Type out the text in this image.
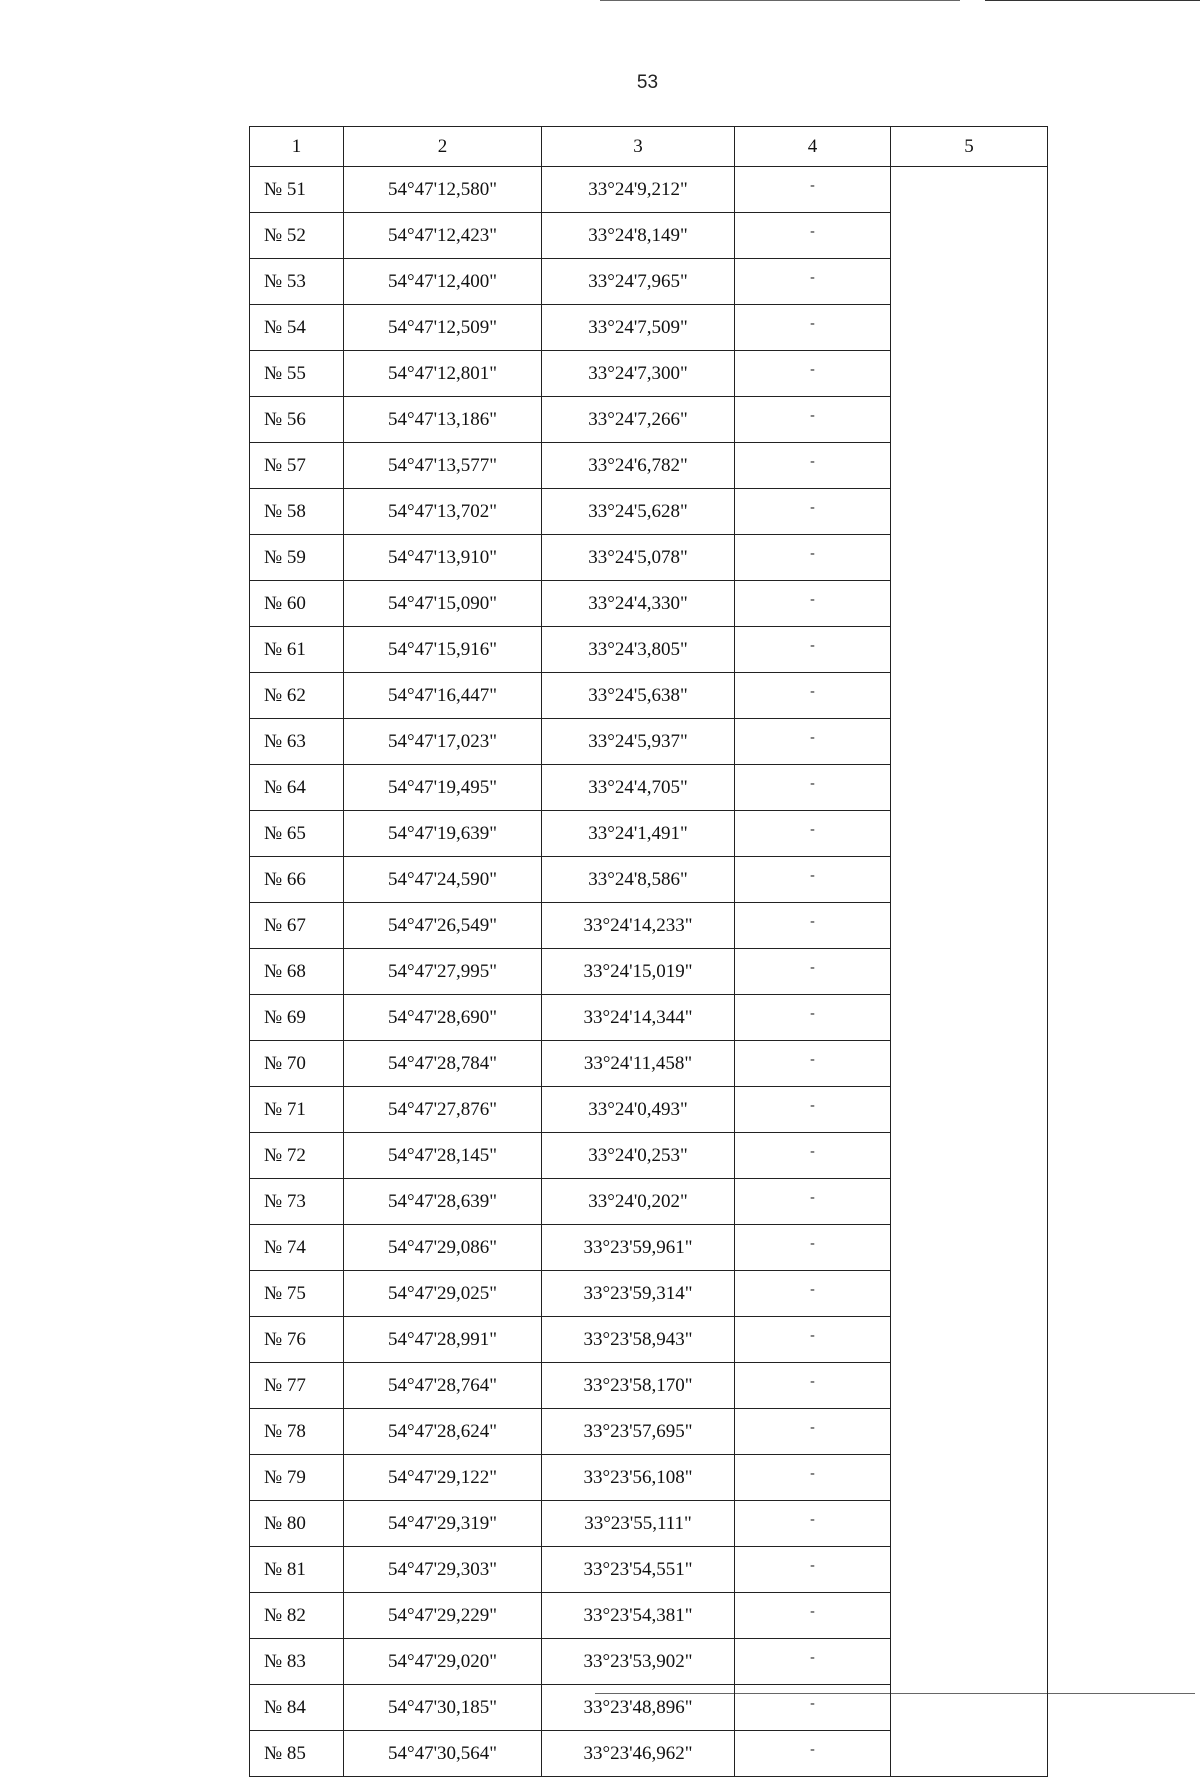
53
1	2	3	4	5
№ 51	54°47'12,580"	33°24'9,212"	-	
№ 52	54°47'12,423"	33°24'8,149"	-	
№ 53	54°47'12,400"	33°24'7,965"	-	
№ 54	54°47'12,509"	33°24'7,509"	-	
№ 55	54°47'12,801"	33°24'7,300"	-	
№ 56	54°47'13,186"	33°24'7,266"	-	
№ 57	54°47'13,577"	33°24'6,782"	-	
№ 58	54°47'13,702"	33°24'5,628"	-	
№ 59	54°47'13,910"	33°24'5,078"	-	
№ 60	54°47'15,090"	33°24'4,330"	-	
№ 61	54°47'15,916"	33°24'3,805"	-	
№ 62	54°47'16,447"	33°24'5,638"	-	
№ 63	54°47'17,023"	33°24'5,937"	-	
№ 64	54°47'19,495"	33°24'4,705"	-	
№ 65	54°47'19,639"	33°24'1,491"	-	
№ 66	54°47'24,590"	33°24'8,586"	-	
№ 67	54°47'26,549"	33°24'14,233"	-	
№ 68	54°47'27,995"	33°24'15,019"	-	
№ 69	54°47'28,690"	33°24'14,344"	-	
№ 70	54°47'28,784"	33°24'11,458"	-	
№ 71	54°47'27,876"	33°24'0,493"	-	
№ 72	54°47'28,145"	33°24'0,253"	-	
№ 73	54°47'28,639"	33°24'0,202"	-	
№ 74	54°47'29,086"	33°23'59,961"	-	
№ 75	54°47'29,025"	33°23'59,314"	-	
№ 76	54°47'28,991"	33°23'58,943"	-	
№ 77	54°47'28,764"	33°23'58,170"	-	
№ 78	54°47'28,624"	33°23'57,695"	-	
№ 79	54°47'29,122"	33°23'56,108"	-	
№ 80	54°47'29,319"	33°23'55,111"	-	
№ 81	54°47'29,303"	33°23'54,551"	-	
№ 82	54°47'29,229"	33°23'54,381"	-	
№ 83	54°47'29,020"	33°23'53,902"	-	
№ 84	54°47'30,185"	33°23'48,896"	-	
№ 85	54°47'30,564"	33°23'46,962"	-	
